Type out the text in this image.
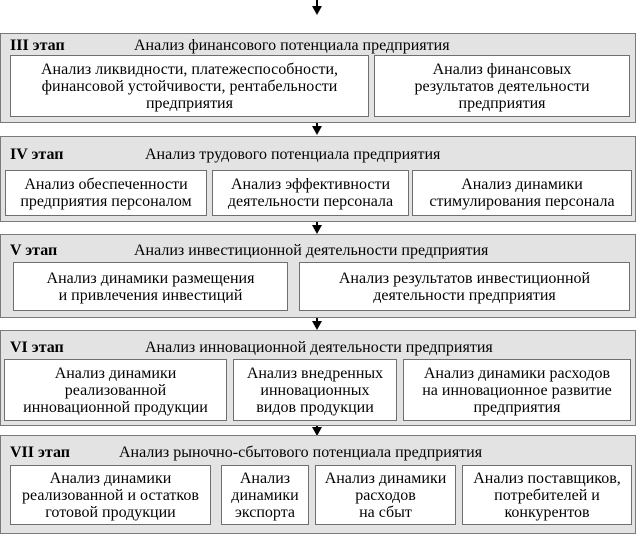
III этап	Анализ финансового потенциала предприятия
Анализ ликвидности, платежеспособности,
финансовой устойчивости, рентабельности
предприятия
Анализ финансовых
результатов деятельности
предприятия
IV этап	Анализ трудового потенциала предприятия
Анализ обеспеченности
предприятия персоналом
Анализ эффективности
деятельности персонала
Анализ динамики
стимулирования персонала
V этап	Анализ инвестиционной деятельности предприятия
Анализ динамики размещения
и привлечения инвестиций
Анализ результатов инвестиционной
деятельности предприятия
VI этап	Анализ инновационной деятельности предприятия
Анализ динамики
реализованной
инновационной продукции
Анализ внедренных
инновационных
видов продукции
Анализ динамики расходов
на инновационное развитие
предприятия
VII этап	Анализ рыночно-сбытового потенциала предприятия
Анализ динамики
реализованной и остатков
готовой продукции
Анализ
динамики
экспорта
Анализ динамики
расходов
на сбыт
Анализ поставщиков,
потребителей и
конкурентов
